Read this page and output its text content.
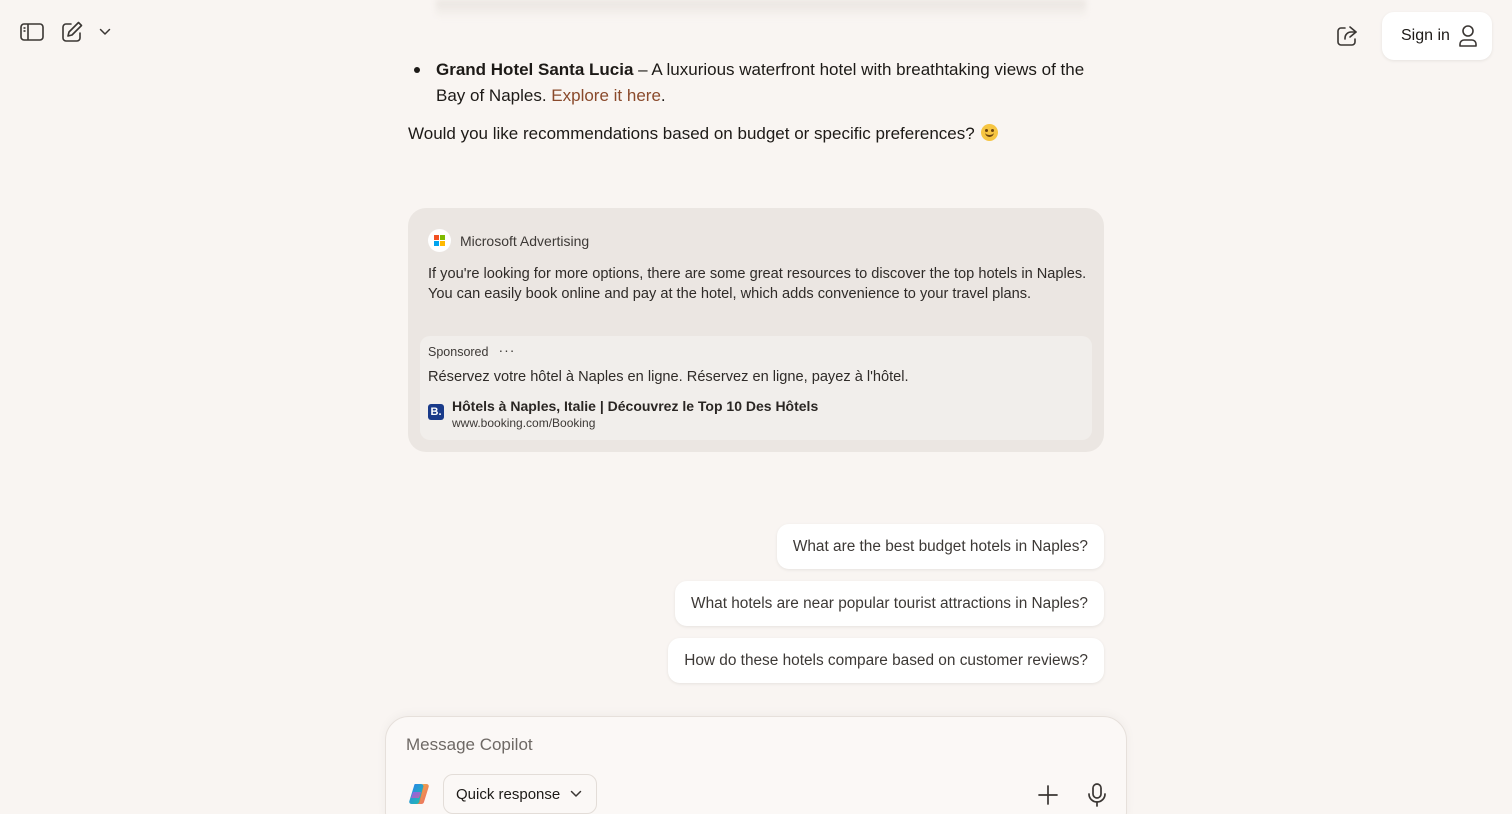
Sign in
Grand Hotel Santa Lucia – A luxurious waterfront hotel with breathtaking views of the Bay of Naples. Explore it here.
Would you like recommendations based on budget or specific preferences?
Microsoft Advertising
If you're looking for more options, there are some great resources to discover the top hotels in Naples. You can easily book online and pay at the hotel, which adds convenience to your travel plans.
Sponsored ···
Réservez votre hôtel à Naples en ligne. Réservez en ligne, payez à l'hôtel.
B. Hôtels à Naples, Italie | Découvrez le Top 10 Des Hôtels
www.booking.com/Booking
What are the best budget hotels in Naples?
What hotels are near popular tourist attractions in Naples?
How do these hotels compare based on customer reviews?
Message Copilot
Quick response
